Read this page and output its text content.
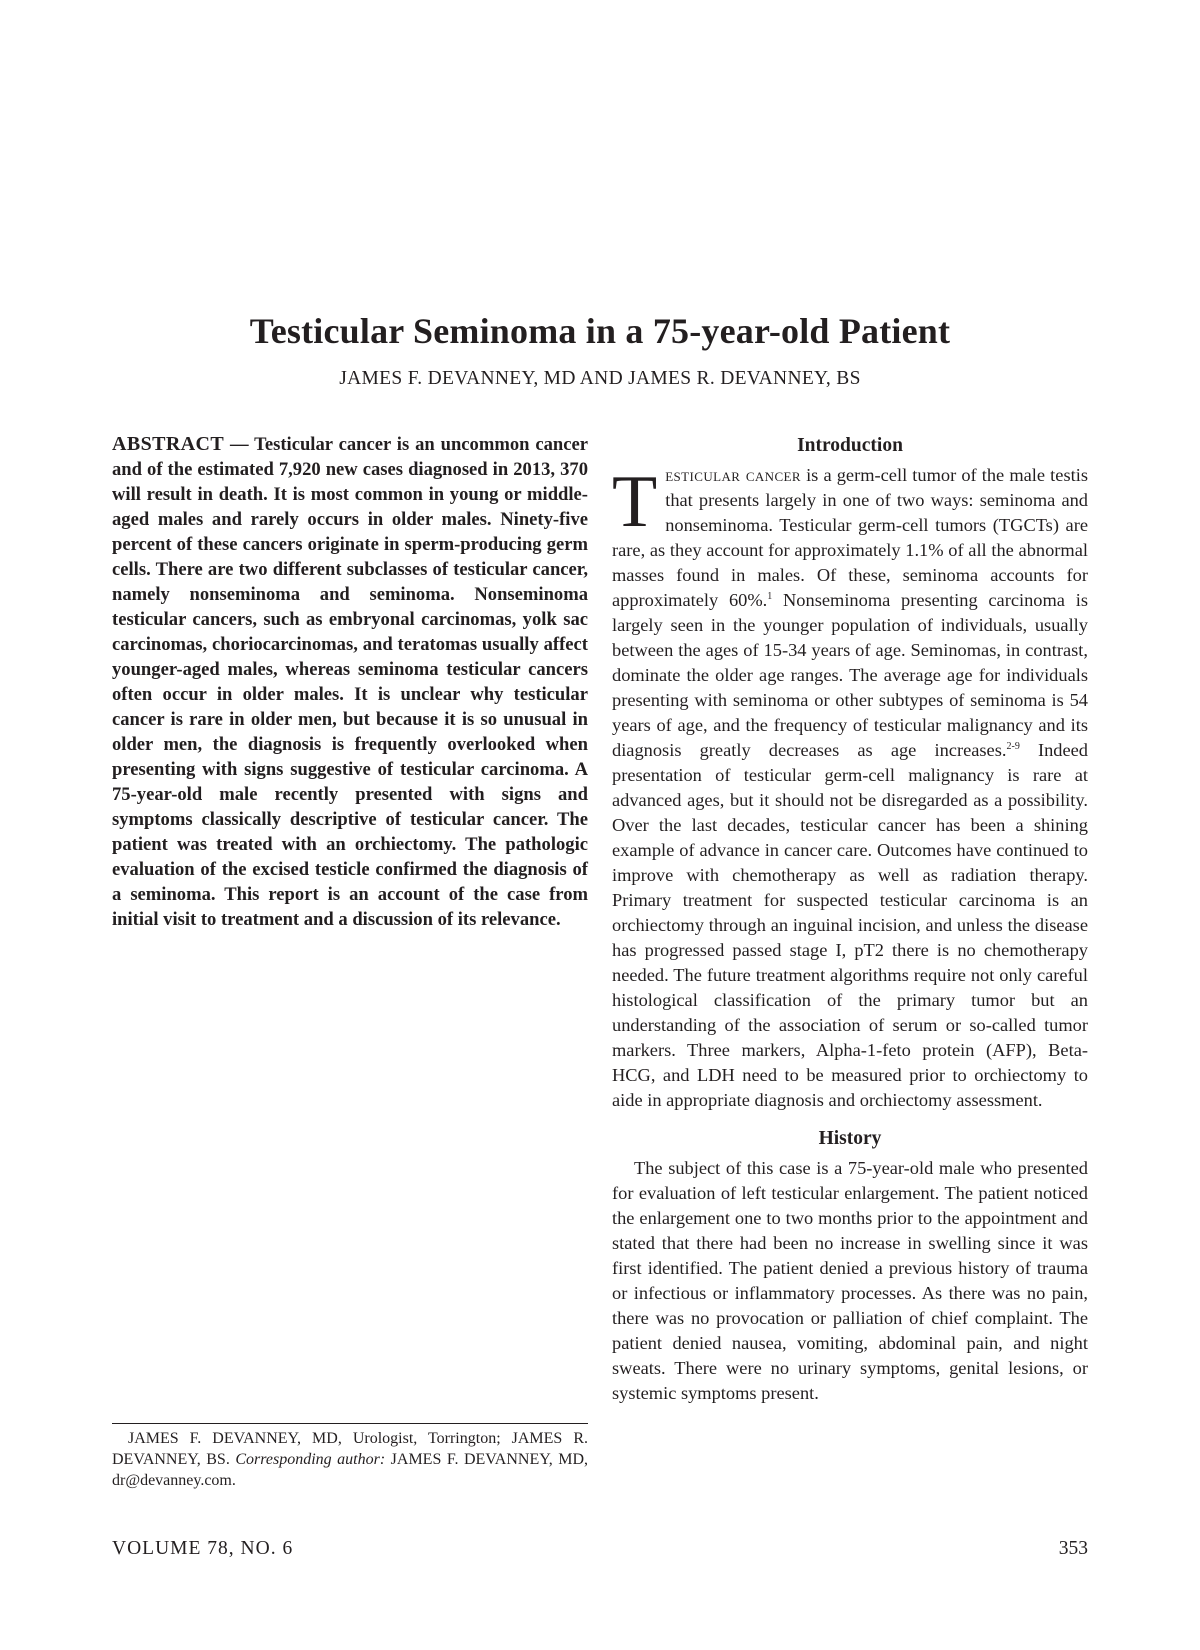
Testicular Seminoma in a 75-year-old Patient
JAMES F. DEVANNEY, MD AND JAMES R. DEVANNEY, BS
ABSTRACT — Testicular cancer is an uncommon cancer and of the estimated 7,920 new cases diagnosed in 2013, 370 will result in death. It is most common in young or middle-aged males and rarely occurs in older males. Ninety-five percent of these cancers originate in sperm-producing germ cells. There are two different subclasses of testicular cancer, namely nonseminoma and seminoma. Nonseminoma testicular cancers, such as embryonal carcinomas, yolk sac carcinomas, choriocarcinomas, and teratomas usually affect younger-aged males, whereas seminoma testicular cancers often occur in older males. It is unclear why testicular cancer is rare in older men, but because it is so unusual in older men, the diagnosis is frequently overlooked when presenting with signs suggestive of testicular carcinoma. A 75-year-old male recently presented with signs and symptoms classically descriptive of testicular cancer. The patient was treated with an orchiectomy. The pathologic evaluation of the excised testicle confirmed the diagnosis of a seminoma. This report is an account of the case from initial visit to treatment and a discussion of its relevance.
JAMES F. DEVANNEY, MD, Urologist, Torrington; JAMES R. DEVANNEY, BS. Corresponding author: JAMES F. DEVANNEY, MD, dr@devanney.com.
Introduction

Testicular cancer is a germ-cell tumor of the male testis that presents largely in one of two ways: seminoma and nonseminoma. Testicular germ-cell tumors (TGCTs) are rare, as they account for approximately 1.1% of all the abnormal masses found in males. Of these, seminoma accounts for approximately 60%.$^1$ Nonseminoma presenting carcinoma is largely seen in the younger population of individuals, usually between the ages of 15-34 years of age. Seminomas, in contrast, dominate the older age ranges. The average age for individuals presenting with seminoma or other subtypes of seminoma is 54 years of age, and the frequency of testicular malignancy and its diagnosis greatly decreases as age increases.$^{2-9}$ Indeed presentation of testicular germ-cell malignancy is rare at advanced ages, but it should not be disregarded as a possibility. Over the last decades, testicular cancer has been a shining example of advance in cancer care. Outcomes have continued to improve with chemotherapy as well as radiation therapy. Primary treatment for suspected testicular carcinoma is an orchiectomy through an inguinal incision, and unless the disease has progressed passed stage I, pT2 there is no chemotherapy needed. The future treatment algorithms require not only careful histological classification of the primary tumor but an understanding of the association of serum or so-called tumor markers. Three markers, Alpha-1-feto protein (AFP), Beta-HCG, and LDH need to be measured prior to orchiectomy to aide in appropriate diagnosis and orchiectomy assessment.

History

The subject of this case is a 75-year-old male who presented for evaluation of left testicular enlargement. The patient noticed the enlargement one to two months prior to the appointment and stated that there had been no increase in swelling since it was first identified. The patient denied a previous history of trauma or infectious or inflammatory processes. As there was no pain, there was no provocation or palliation of chief complaint. The patient denied nausea, vomiting, abdominal pain, and night sweats. There were no urinary symptoms, genital lesions, or systemic symptoms present.

VOLUME 78, NO. 6	353
